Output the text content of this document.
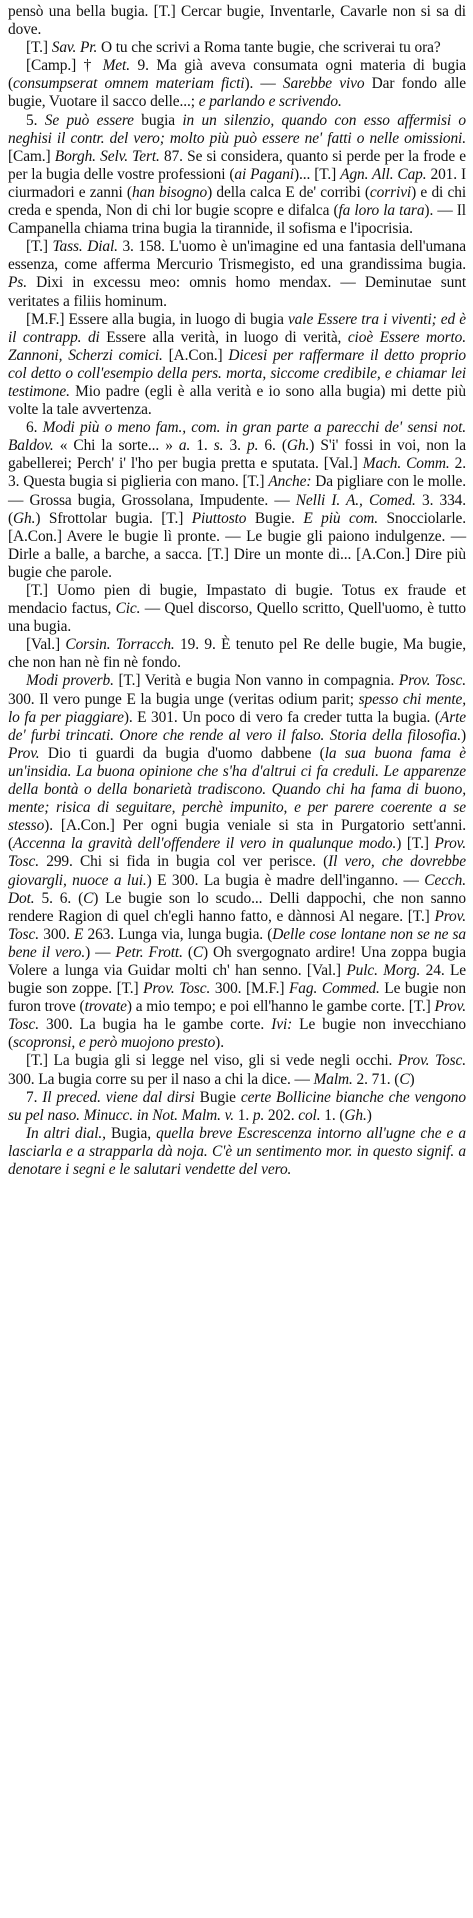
pensò una bella bugia. [T.] Cercar bugie, Inventarle, Cavarle non si sa di dove.

[T.] Sav. Pr. O tu che scrivi a Roma tante bugie, che scriverai tu ora?

[Camp.] † Met. 9. Ma già aveva consumata ogni materia di bugia (consumpserat omnem materiam ficti). — Sarebbe vivo Dar fondo alle bugie, Vuotare il sacco delle...; e parlando e scrivendo.

5. Se può essere bugia in un silenzio, quando con esso affermisi o neghisi il contr. del vero; molto più può essere ne' fatti o nelle omissioni. [Cam.] Borgh. Selv. Tert. 87. Se si considera, quanto si perde per la frode e per la bugia delle vostre professioni (ai Pagani)... [T.] Agn. All. Cap. 201. I ciurmadori e zanni (han bisogno) della calca E de' corribi (corrivi) e di chi creda e spenda, Non di chi lor bugie scopre e difalca (fa loro la tara). — Il Campanella chiama trina bugia la tirannide, il sofisma e l'ipocrisia.

[T.] Tass. Dial. 3. 158. L'uomo è un'imagine ed una fantasia dell'umana essenza, come afferma Mercurio Trismegisto, ed una grandissima bugia. Ps. Dixi in excessu meo: omnis homo mendax. — Deminutae sunt veritates a filiis hominum.

[M.F.] Essere alla bugia, in luogo di bugia vale Essere tra i viventi; ed è il contrapp. di Essere alla verità, in luogo di verità, cioè Essere morto. Zannoni, Scherzi comici. [A.Con.] Dicesi per raffermare il detto proprio col detto o coll'esempio della pers. morta, siccome credibile, e chiamar lei testimone. Mio padre (egli è alla verità e io sono alla bugia) mi dette più volte la tale avvertenza.

6. Modi più o meno fam., com. in gran parte a parecchi de' sensi not. Baldov. « Chi la sorte... » a. 1. s. 3. p. 6. (Gh.) S'i' fossi in voi, non la gabellerei; Perch' i' l'ho per bugia pretta e sputata. [Val.] Mach. Comm. 2. 3. Questa bugia si piglieria con mano. [T.] Anche: Da pigliare con le molle. — Grossa bugia, Grossolana, Impudente. — Nelli I. A., Comed. 3. 334. (Gh.) Sfrottolar bugia. [T.] Piuttosto Bugie. E più com. Snocciolarle. [A.Con.] Avere le bugie lì pronte. — Le bugie gli paiono indulgenze. — Dirle a balle, a barche, a sacca. [T.] Dire un monte di... [A.Con.] Dire più bugie che parole.

[T.] Uomo pien di bugie, Impastato di bugie. Totus ex fraude et mendacio factus, Cic. — Quel discorso, Quello scritto, Quell'uomo, è tutto una bugia.

[Val.] Corsin. Torracch. 19. 9. È tenuto pel Re delle bugie, Ma bugie, che non han nè fin nè fondo.

Modi proverb. [T.] Verità e bugia Non vanno in compagnia. Prov. Tosc. 300. Il vero punge E la bugia unge (veritas odium parit; spesso chi mente, lo fa per piaggiare). E 301. Un poco di vero fa creder tutta la bugia. (Arte de' furbi trincati. Onore che rende al vero il falso. Storia della filosofia.) Prov. Dio ti guardi da bugia d'uomo dabbene (la sua buona fama è un'insidia. La buona opinione che s'ha d'altrui ci fa creduli. Le apparenze della bontà o della bonarietà tradiscono. Quando chi ha fama di buono, mente; risica di seguitare, perchè impunito, e per parere coerente a se stesso). [A.Con.] Per ogni bugia veniale si sta in Purgatorio sett'anni. (Accenna la gravità dell'offendere il vero in qualunque modo.) [T.] Prov. Tosc. 299. Chi si fida in bugia col ver perisce. (Il vero, che dovrebbe giovargli, nuoce a lui.) E 300. La bugia è madre dell'inganno. — Cecch. Dot. 5. 6. (C) Le bugie son lo scudo... Delli dappochi, che non sanno rendere Ragion di quel ch'egli hanno fatto, e dànnosi Al negare. [T.] Prov. Tosc. 300. E 263. Lunga via, lunga bugia. (Delle cose lontane non se ne sa bene il vero.) — Petr. Frott. (C) Oh svergognato ardire! Una zoppa bugia Volere a lunga via Guidar molti ch' han senno. [Val.] Pulc. Morg. 24. Le bugie son zoppe. [T.] Prov. Tosc. 300. [M.F.] Fag. Commed. Le bugie non furon trove (trovate) a mio tempo; e poi ell'hanno le gambe corte. [T.] Prov. Tosc. 300. La bugia ha le gambe corte. Ivi: Le bugie non invecchiano (scopronsi, e però muojono presto).

[T.] La bugia gli si legge nel viso, gli si vede negli occhi. Prov. Tosc. 300. La bugia corre su per il naso a chi la dice. — Malm. 2. 71. (C)

7. Il preced. viene dal dirsi Bugie certe Bollicine bianche che vengono su pel naso. Minucc. in Not. Malm. v. 1. p. 202. col. 1. (Gh.)

In altri dial., Bugia, quella breve Escrescenza intorno all'ugne che e a lasciarla e a strapparla dà noja. C'è un sentimento mor. in questo signif. a denotare i segni e le salutari vendette del vero.
